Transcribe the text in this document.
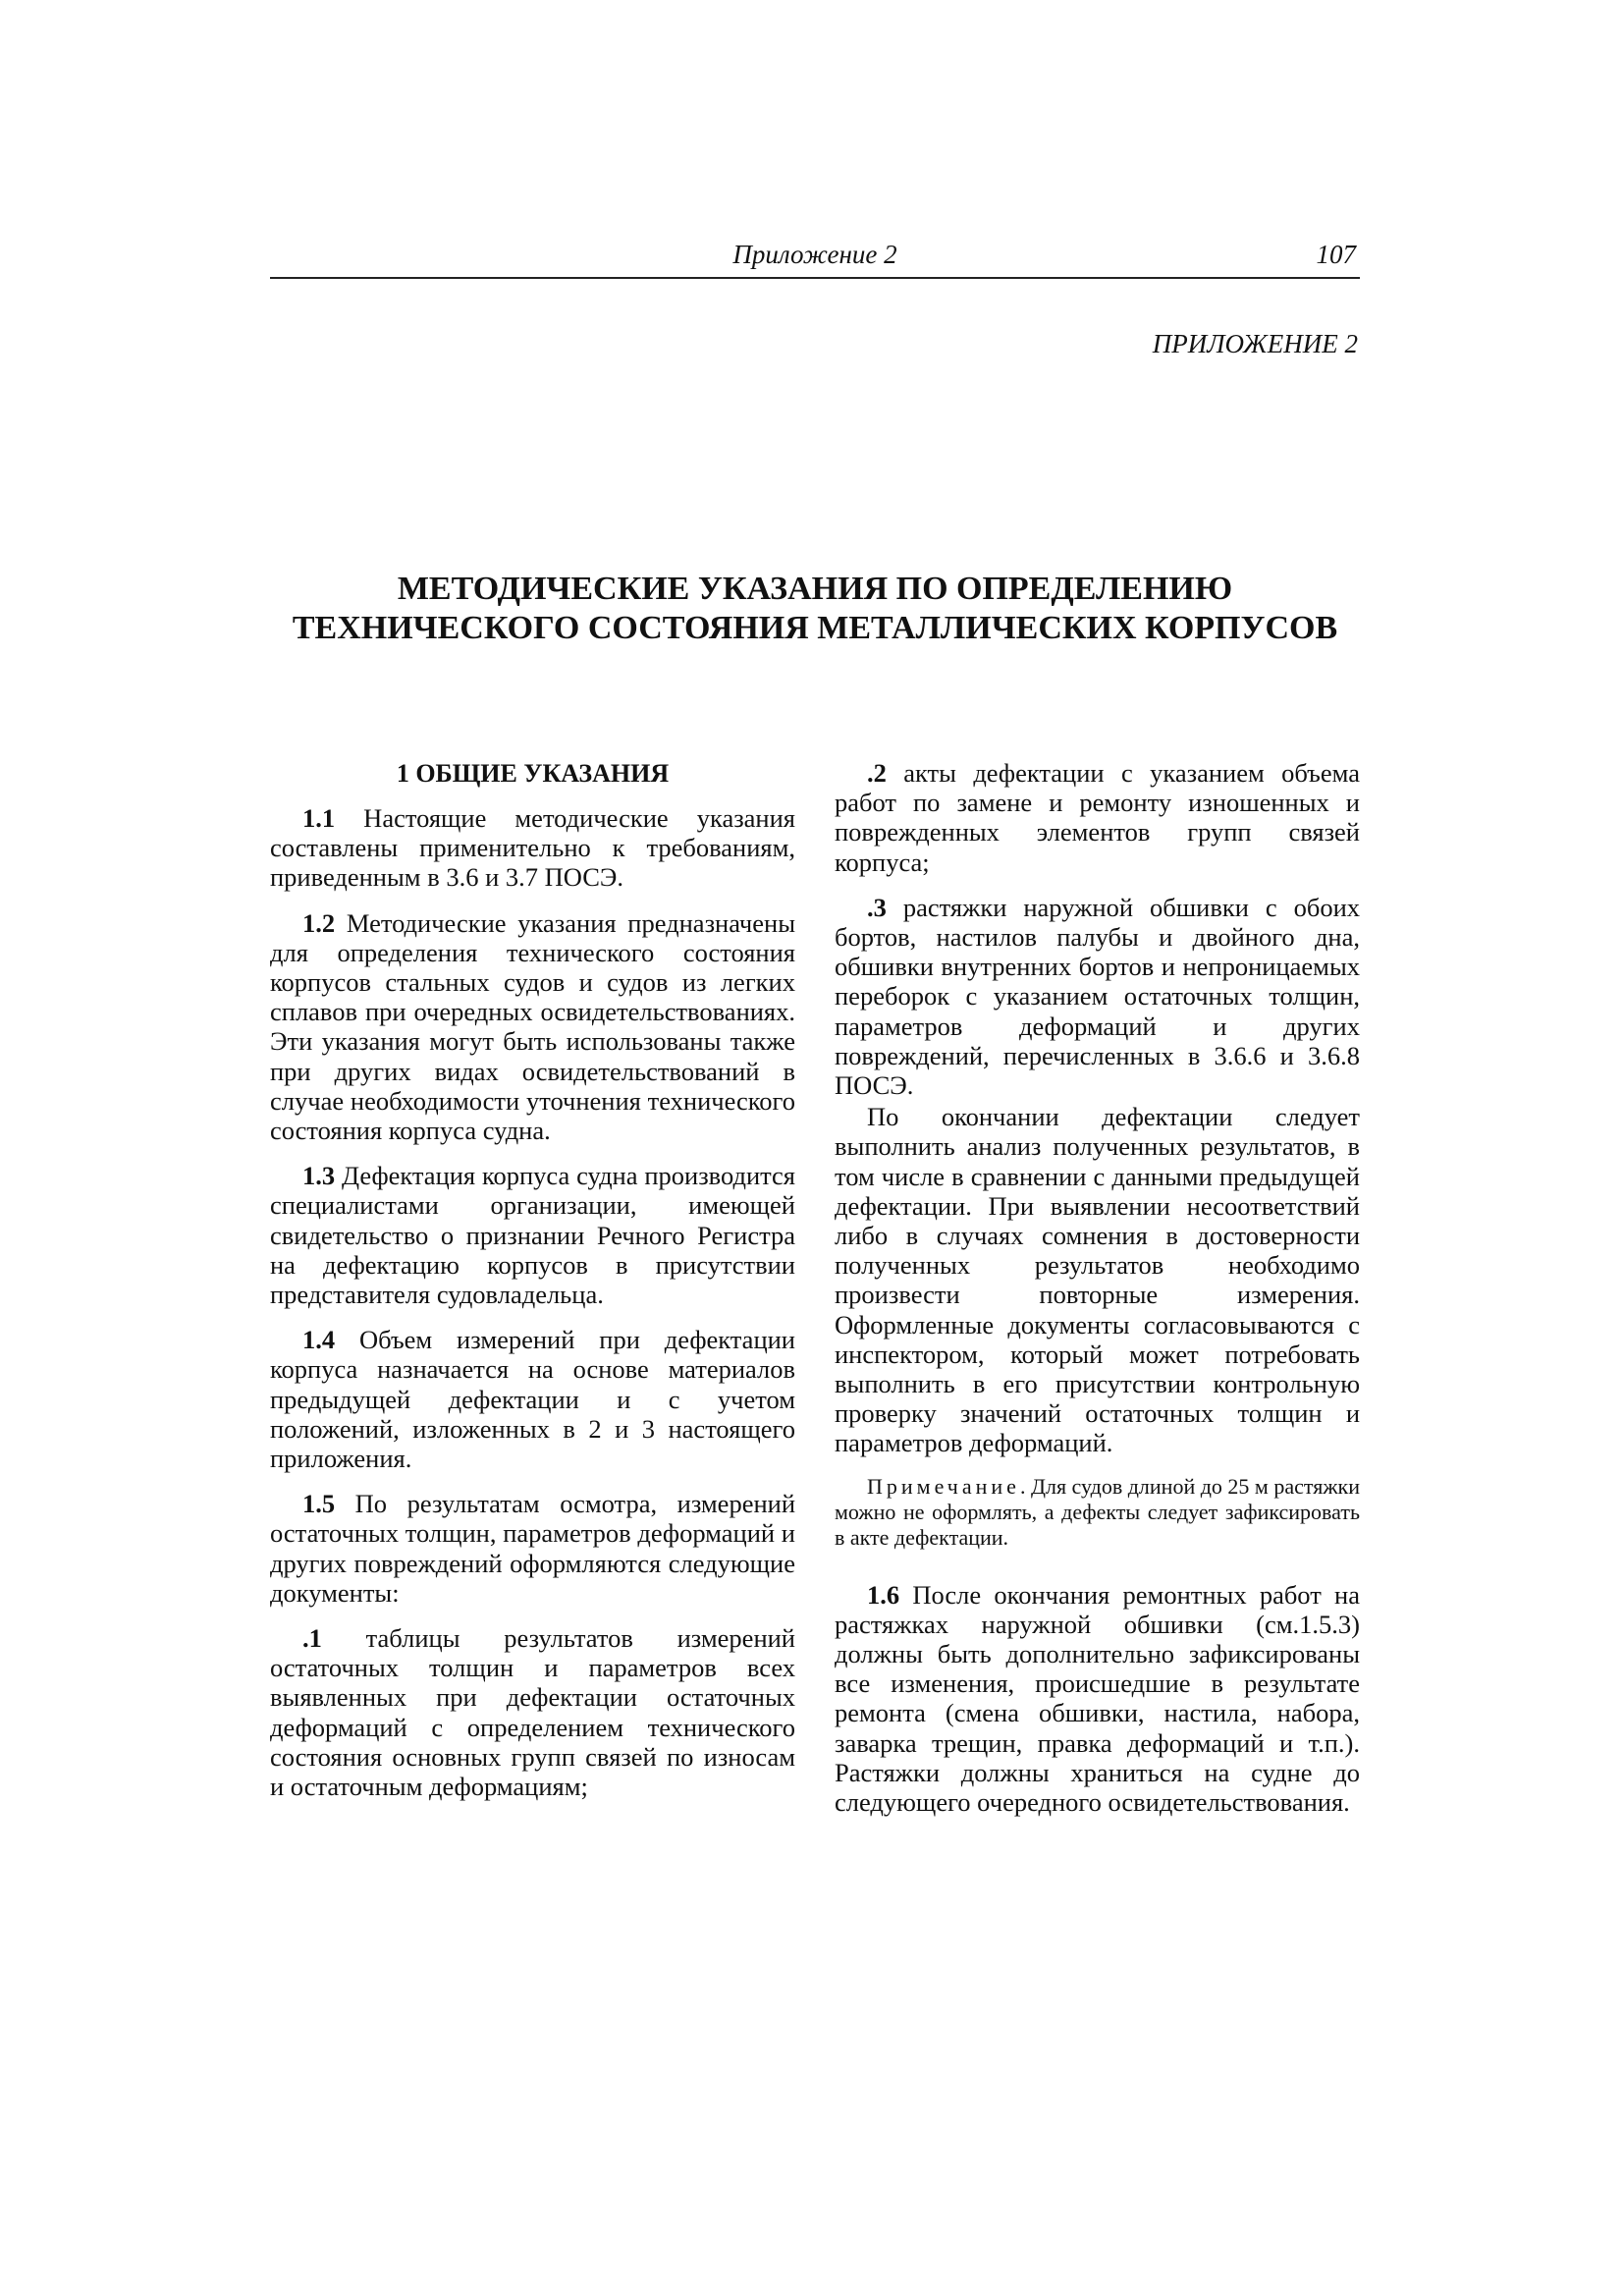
Приложение 2	107
ПРИЛОЖЕНИЕ 2
МЕТОДИЧЕСКИЕ УКАЗАНИЯ ПО ОПРЕДЕЛЕНИЮ
ТЕХНИЧЕСКОГО СОСТОЯНИЯ МЕТАЛЛИЧЕСКИХ КОРПУСОВ
1 ОБЩИЕ УКАЗАНИЯ

1.1 Настоящие методические указания составлены применительно к требованиям, приведенным в 3.6 и 3.7 ПОСЭ.

1.2 Методические указания предназначены для определения технического состояния корпусов стальных судов и судов из легких сплавов при очередных освидетельствованиях. Эти указания могут быть использованы также при других видах освидетельствований в случае необходимости уточнения технического состояния корпуса судна.

1.3 Дефектация корпуса судна производится специалистами организации, имеющей свидетельство о признании Речного Регистра на дефектацию корпусов в присутствии представителя судовладельца.

1.4 Объем измерений при дефектации корпуса назначается на основе материалов предыдущей дефектации и с учетом положений, изложенных в 2 и 3 настоящего приложения.

1.5 По результатам осмотра, измерений остаточных толщин, параметров деформаций и других повреждений оформляются следующие документы:

.1 таблицы результатов измерений остаточных толщин и параметров всех выявленных при дефектации остаточных деформаций с определением технического состояния основных групп связей по износам и остаточным деформациям;

.2 акты дефектации с указанием объема работ по замене и ремонту изношенных и поврежденных элементов групп связей корпуса;

.3 растяжки наружной обшивки с обоих бортов, настилов палубы и двойного дна, обшивки внутренних бортов и непроницаемых переборок с указанием остаточных толщин, параметров деформаций и других повреждений, перечисленных в 3.6.6 и 3.6.8 ПОСЭ.

По окончании дефектации следует выполнить анализ полученных результатов, в том числе в сравнении с данными предыдущей дефектации. При выявлении несоответствий либо в случаях сомнения в достоверности полученных результатов необходимо произвести повторные измерения. Оформленные документы согласовываются с инспектором, который может потребовать выполнить в его присутствии контрольную проверку значений остаточных толщин и параметров деформаций.

Примечание. Для судов длиной до 25 м растяжки можно не оформлять, а дефекты следует зафиксировать в акте дефектации.

1.6 После окончания ремонтных работ на растяжках наружной обшивки (см.1.5.3) должны быть дополнительно зафиксированы все изменения, происшедшие в результате ремонта (смена обшивки, настила, набора, заварка трещин, правка деформаций и т.п.). Растяжки должны храниться на судне до следующего очередного освидетельствования.
